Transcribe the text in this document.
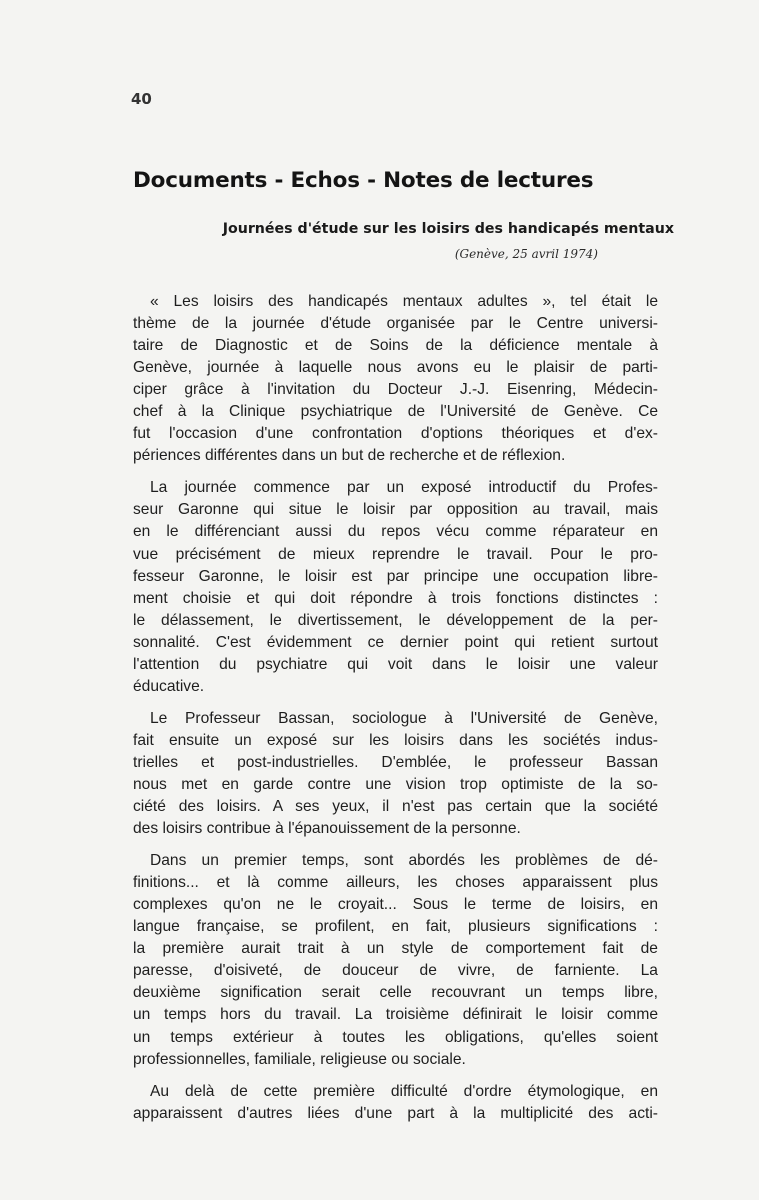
40
Documents - Echos - Notes de lectures
Journées d'étude sur les loisirs des handicapés mentaux
(Genève, 25 avril 1974)
« Les loisirs des handicapés mentaux adultes », tel était le
thème de la journée d'étude organisée par le Centre universi-
taire de Diagnostic et de Soins de la déficience mentale à
Genève, journée à laquelle nous avons eu le plaisir de parti-
ciper grâce à l'invitation du Docteur J.-J. Eisenring, Médecin-
chef à la Clinique psychiatrique de l'Université de Genève. Ce
fut l'occasion d'une confrontation d'options théoriques et d'ex-
périences différentes dans un but de recherche et de réflexion.
La journée commence par un exposé introductif du Profes-
seur Garonne qui situe le loisir par opposition au travail, mais
en le différenciant aussi du repos vécu comme réparateur en
vue précisément de mieux reprendre le travail. Pour le pro-
fesseur Garonne, le loisir est par principe une occupation libre-
ment choisie et qui doit répondre à trois fonctions distinctes :
le délassement, le divertissement, le développement de la per-
sonnalité. C'est évidemment ce dernier point qui retient surtout
l'attention du psychiatre qui voit dans le loisir une valeur
éducative.
Le Professeur Bassan, sociologue à l'Université de Genève,
fait ensuite un exposé sur les loisirs dans les sociétés indus-
trielles et post-industrielles. D'emblée, le professeur Bassan
nous met en garde contre une vision trop optimiste de la so-
ciété des loisirs. A ses yeux, il n'est pas certain que la société
des loisirs contribue à l'épanouissement de la personne.
Dans un premier temps, sont abordés les problèmes de dé-
finitions... et là comme ailleurs, les choses apparaissent plus
complexes qu'on ne le croyait... Sous le terme de loisirs, en
langue française, se profilent, en fait, plusieurs significations :
la première aurait trait à un style de comportement fait de
paresse, d'oisiveté, de douceur de vivre, de farniente. La
deuxième signification serait celle recouvrant un temps libre,
un temps hors du travail. La troisième définirait le loisir comme
un temps extérieur à toutes les obligations, qu'elles soient
professionnelles, familiale, religieuse ou sociale.
Au delà de cette première difficulté d'ordre étymologique, en
apparaissent d'autres liées d'une part à la multiplicité des acti-
